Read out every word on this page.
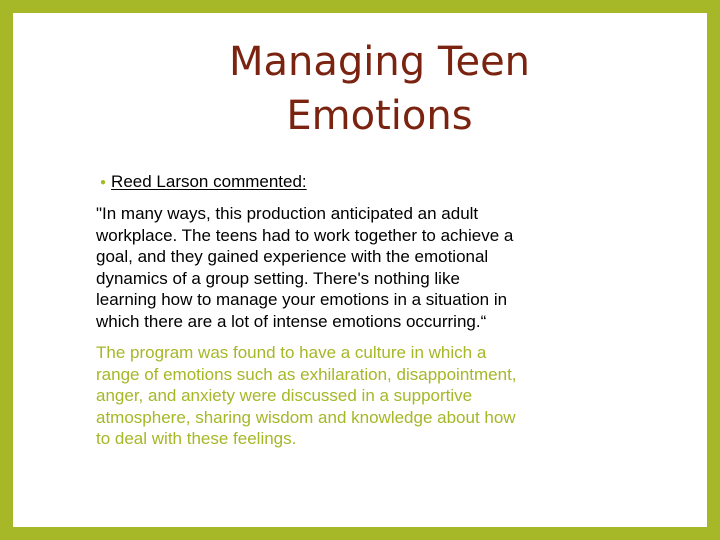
Managing Teen
Emotions
● Reed Larson commented:

"In many ways, this production anticipated an adult
workplace. The teens had to work together to achieve a
goal, and they gained experience with the emotional
dynamics of a group setting. There's nothing like
learning how to manage your emotions in a situation in
which there are a lot of intense emotions occurring.“

The program was found to have a culture in which a
range of emotions such as exhilaration, disappointment,
anger, and anxiety were discussed in a supportive
atmosphere, sharing wisdom and knowledge about how
to deal with these feelings.
